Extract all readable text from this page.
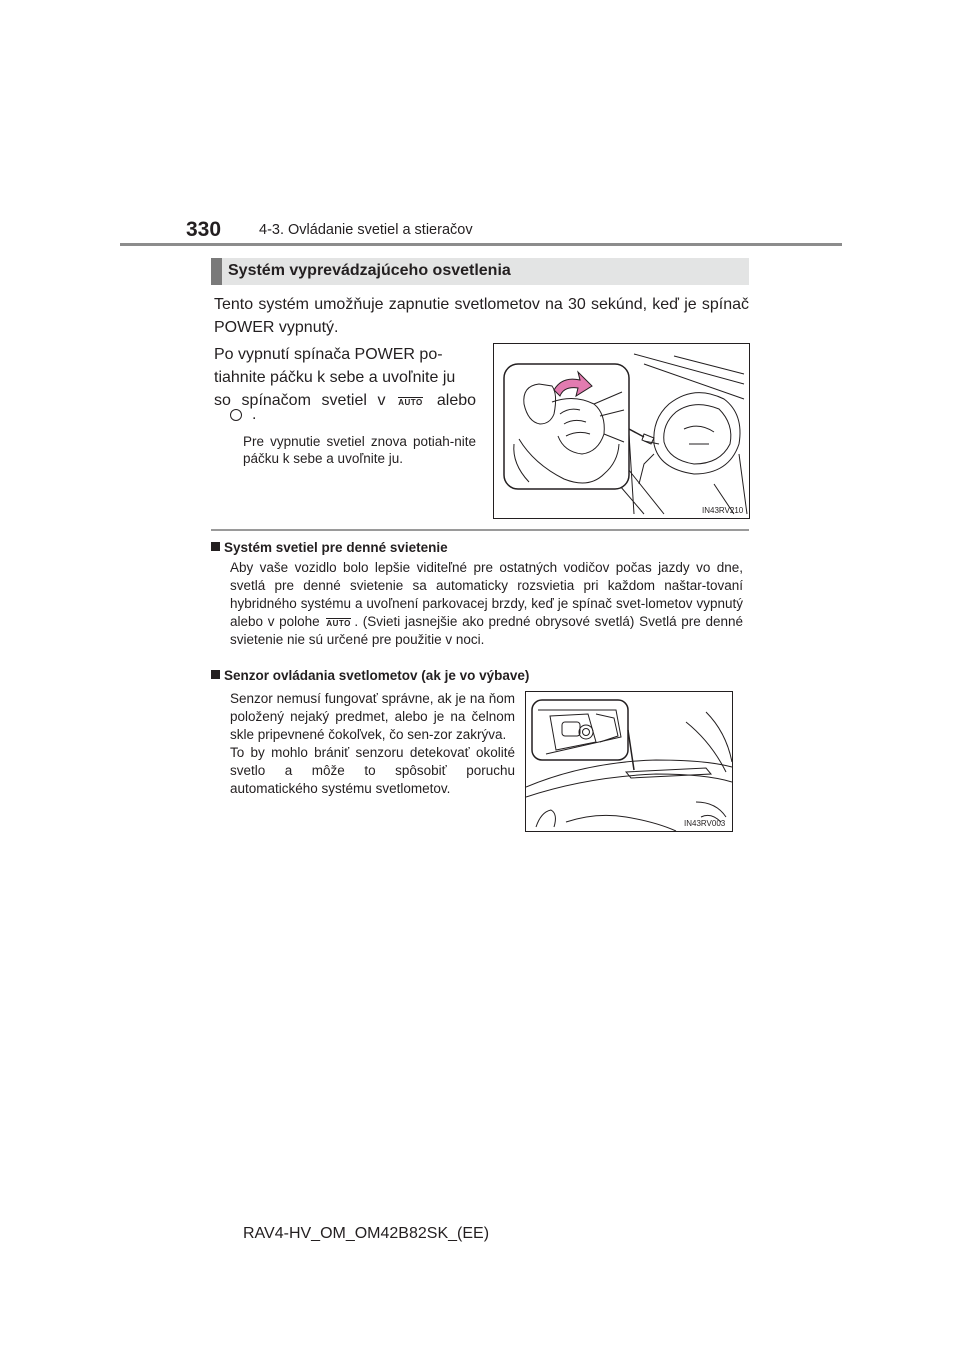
330	4-3. Ovládanie svetiel a stieračov
Systém vyprevádzajúceho osvetlenia
Tento systém umožňuje zapnutie svetlometov na 30 sekúnd, keď je spínač POWER vypnutý.
Po vypnutí spínača POWER po-
tiahnite páčku k sebe a uvoľnite ju
so spínačom svetiel v AUTO alebo
.
Pre vypnutie svetiel znova potiah-nite páčku k sebe a uvoľnite ju.
IN43RV210
Systém svetiel pre denné svietenie
Aby vaše vozidlo bolo lepšie viditeľné pre ostatných vodičov počas jazdy vo dne, svetlá pre denné svietenie sa automaticky rozsvietia pri každom naštar-tovaní hybridného systému a uvoľnení parkovacej brzdy, keď je spínač svet-lometov vypnutý alebo v polohe AUTO . (Svieti jasnejšie ako predné obrysové svetlá) Svetlá pre denné svietenie nie sú určené pre použitie v noci.
Senzor ovládania svetlometov (ak je vo výbave)
Senzor nemusí fungovať správne, ak je na ňom položený nejaký predmet, alebo je na čelnom skle pripevnené čokoľvek, čo sen-zor zakrýva.
To by mohlo brániť senzoru detekovať okolité svetlo a môže to spôsobiť poruchu automatického systému svetlometov.
IN43RV003
RAV4-HV_OM_OM42B82SK_(EE)
